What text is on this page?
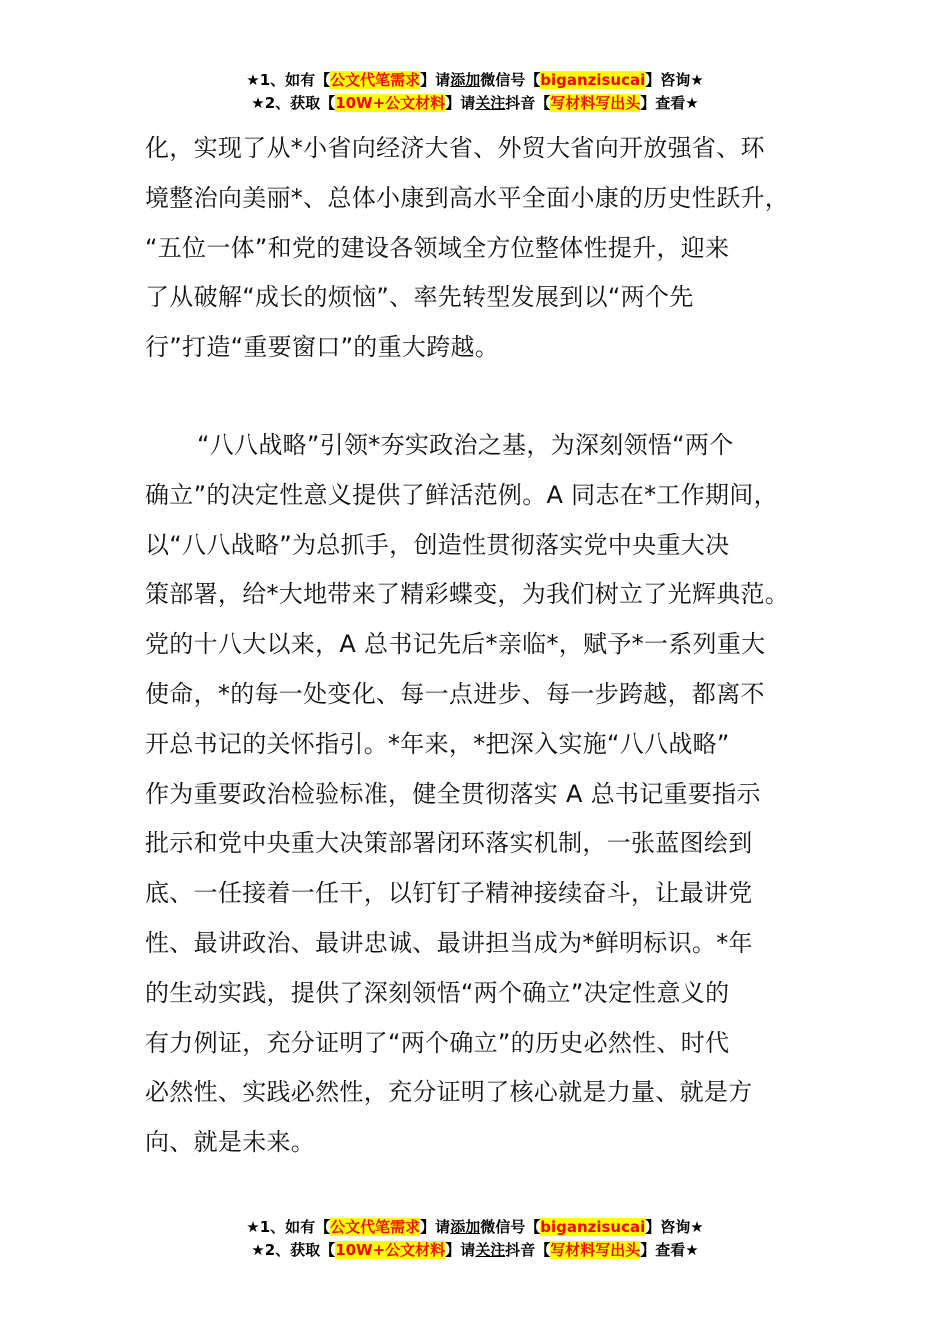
★1、如有【公文代笔需求】请添加微信号【biganzisucai】咨询★
★2、获取【10W+公文材料】请关注抖音【写材料写出头】查看★
化，实现了从*小省向经济大省、外贸大省向开放强省、环
境整治向美丽*、总体小康到高水平全面小康的历史性跃升，
“五位一体”和党的建设各领域全方位整体性提升，迎来
了从破解“成长的烦恼”、率先转型发展到以“两个先
行”打造“重要窗口”的重大跨越。
“八八战略”引领*夯实政治之基，为深刻领悟“两个
确立”的决定性意义提供了鲜活范例。A 同志在*工作期间，
以“八八战略”为总抓手，创造性贯彻落实党中央重大决
策部署，给*大地带来了精彩蝶变，为我们树立了光辉典范。
党的十八大以来，A 总书记先后*亲临*，赋予*一系列重大
使命，*的每一处变化、每一点进步、每一步跨越，都离不
开总书记的关怀指引。*年来，*把深入实施“八八战略”
作为重要政治检验标准，健全贯彻落实 A 总书记重要指示
批示和党中央重大决策部署闭环落实机制，一张蓝图绘到
底、一任接着一任干，以钉钉子精神接续奋斗，让最讲党
性、最讲政治、最讲忠诚、最讲担当成为*鲜明标识。*年
的生动实践，提供了深刻领悟“两个确立”决定性意义的
有力例证，充分证明了“两个确立”的历史必然性、时代
必然性、实践必然性，充分证明了核心就是力量、就是方
向、就是未来。
★1、如有【公文代笔需求】请添加微信号【biganzisucai】咨询★
★2、获取【10W+公文材料】请关注抖音【写材料写出头】查看★
